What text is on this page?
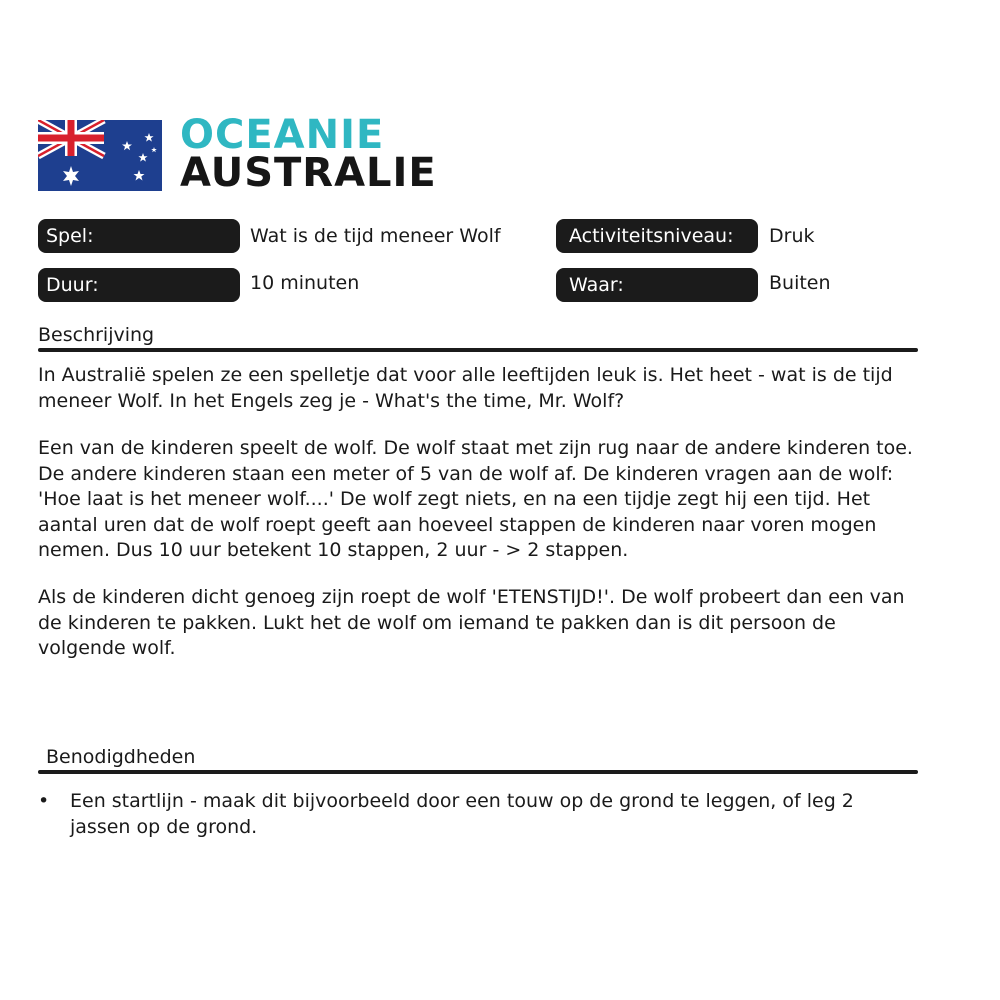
OCEANIE
AUSTRALIE
Spel:	Wat is de tijd meneer Wolf	Activiteitsniveau:	Druk
Duur:	10 minuten	Waar:	Buiten
Beschrijving

In Australië spelen ze een spelletje dat voor alle leeftijden leuk is. Het heet - wat is de tijd meneer Wolf. In het Engels zeg je - What's the time, Mr. Wolf?

Een van de kinderen speelt de wolf. De wolf staat met zijn rug naar de andere kinderen toe. De andere kinderen staan een meter of 5 van de wolf af. De kinderen vragen aan de wolf: 'Hoe laat is het meneer wolf....' De wolf zegt niets, en na een tijdje zegt hij een tijd. Het aantal uren dat de wolf roept geeft aan hoeveel stappen de kinderen naar voren mogen nemen. Dus 10 uur betekent 10 stappen, 2 uur - > 2 stappen.

Als de kinderen dicht genoeg zijn roept de wolf 'ETENSTIJD!'. De wolf probeert dan een van de kinderen te pakken. Lukt het de wolf om iemand te pakken dan is dit persoon de volgende wolf.

Benodigdheden
• Een startlijn - maak dit bijvoorbeeld door een touw op de grond te leggen, of leg 2 jassen op de grond.
